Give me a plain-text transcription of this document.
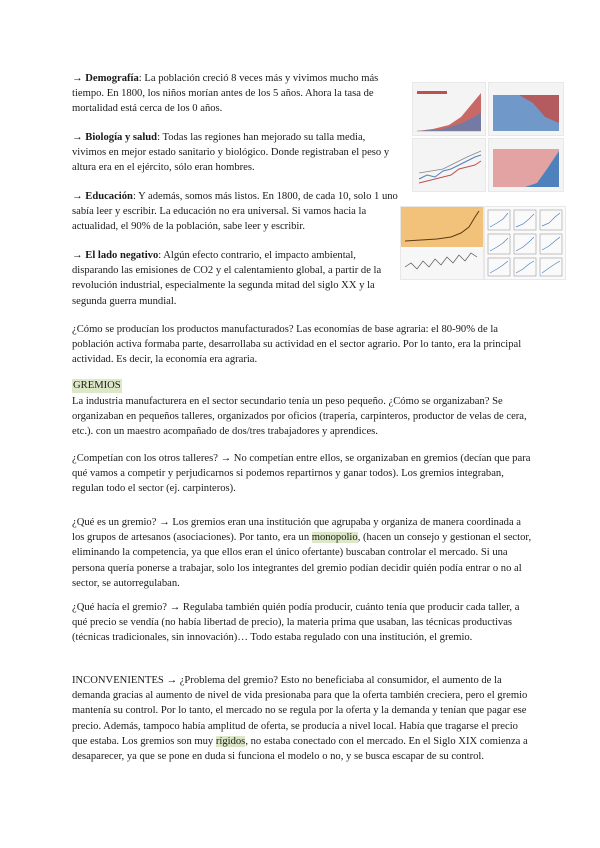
→ Demografía: La población creció 8 veces más y vivimos mucho más tiempo. En 1800, los niños morían antes de los 5 años. Ahora la tasa de mortalidad está cerca de los 0 años.

→ Biología y salud: Todas las regiones han mejorado su talla media, vivimos en mejor estado sanitario y biológico. Donde registraban el peso y altura era en el ejército, sólo eran hombres.

→ Educación: Y además, somos más listos. En 1800, de cada 10, solo 1 uno sabía leer y escribir. La educación no era universal. Si vamos hacia la actualidad, el 90% de la población, sabe leer y escribir.

→ El lado negativo: Algún efecto contrario, el impacto ambiental, disparando las emisiones de CO2 y el calentamiento global, a partir de la revolución industrial, especialmente la segunda mitad del siglo XX y la segunda guerra mundial.

¿Cómo se producían los productos manufacturados? Las economías de base agraria: el 80-90% de la población activa formaba parte, desarrollaba su actividad en el sector agrario. Por lo tanto, era la principal actividad. Es decir, la economía era agraria.

GREMIOS

La industria manufacturera en el sector secundario tenía un peso pequeño. ¿Cómo se organizaban? Se organizaban en pequeños talleres, organizados por oficios (trapería, carpinteros, productor de velas de cera, etc.). con un maestro acompañado de dos/tres trabajadores y aprendices.

¿Competían con los otros talleres? → No competían entre ellos, se organizaban en gremios (decían que para qué vamos a competir y perjudicarnos si podemos repartirnos y ganar todos). Los gremios integraban, regulan todo el sector (ej. carpinteros).

¿Qué es un gremio? → Los gremios eran una institución que agrupaba y organiza de manera coordinada a los grupos de artesanos (asociaciones). Por tanto, era un monopolio, (hacen un consejo y gestionan el sector, eliminando la competencia, ya que ellos eran el único ofertante) buscaban controlar el mercado. Si una persona quería ponerse a trabajar, solo los integrantes del gremio podían decidir quién podía entrar o no al sector, se autorregulaban.

¿Qué hacía el gremio? → Regulaba también quién podía producir, cuánto tenía que producir cada taller, a qué precio se vendía (no había libertad de precio), la materia prima que usaban, las técnicas productivas (técnicas tradicionales, sin innovación)… Todo estaba regulado con una institución, el gremio.

INCONVENIENTES → ¿Problema del gremio? Esto no beneficiaba al consumidor, el aumento de la demanda gracias al aumento de nivel de vida presionaba para que la oferta también creciera, pero el gremio mantenía su control. Por lo tanto, el mercado no se regula por la oferta y la demanda y tenían que pagar ese precio. Además, tampoco había amplitud de oferta, se producía a nivel local. Había que tragarse el precio que estaba. Los gremios son muy rígidos, no estaba conectado con el mercado. En el Siglo XIX comienza a desaparecer, ya que se pone en duda si funciona el modelo o no, y se busca escapar de su control.
